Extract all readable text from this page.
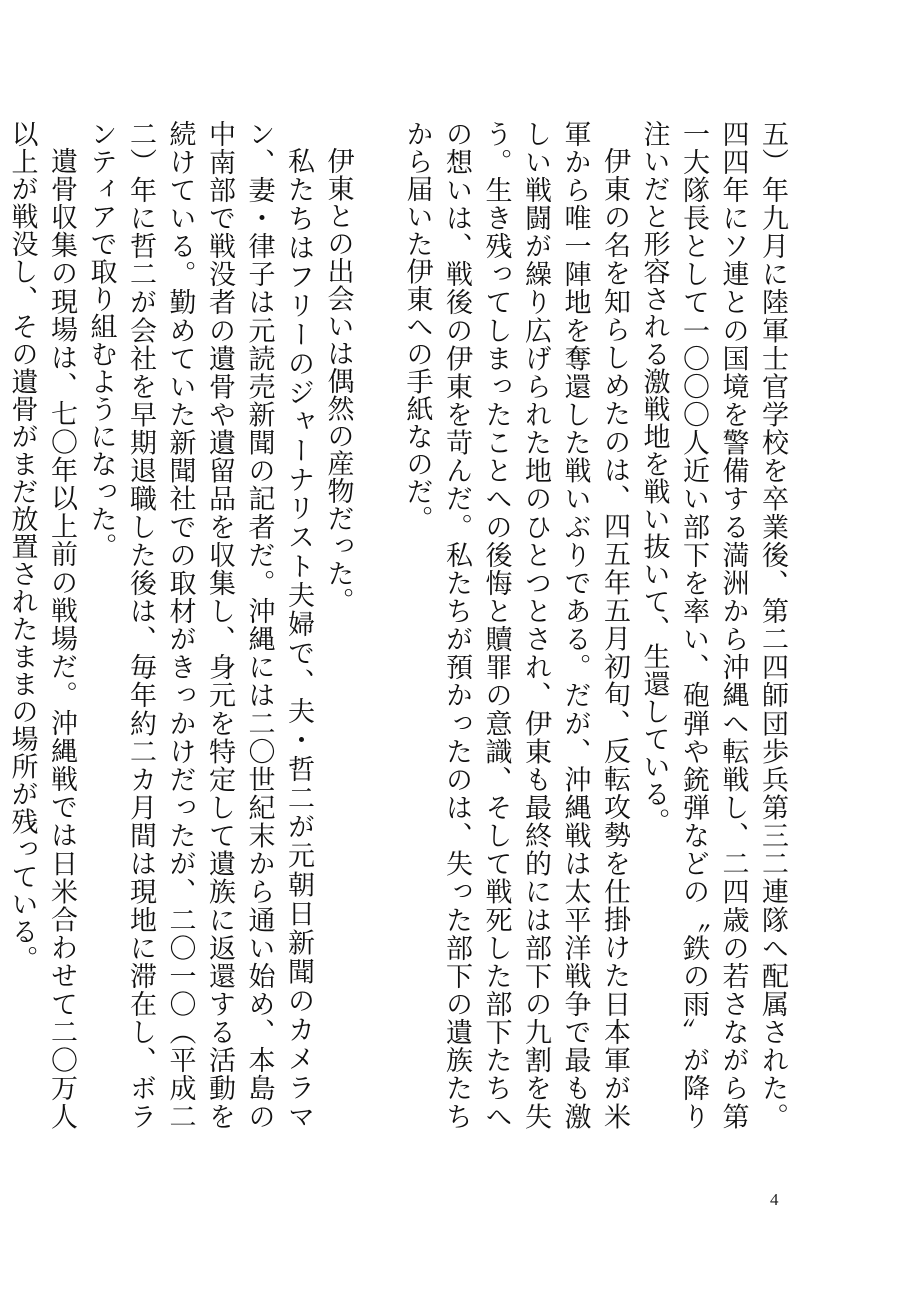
五）年九月に陸軍士官学校を卒業後、第二四師団歩兵第三二連隊へ配属された。四四年にソ連との国境を警備する満洲から沖縄へ転戦し、二四歳の若さながら第一大隊長として一〇〇〇人近い部下を率い、砲弾や銃弾などの〝鉄の雨〟が降り注いだと形容される激戦地を戦い抜いて、生還している。

伊東の名を知らしめたのは、四五年五月初旬、反転攻勢を仕掛けた日本軍が米軍から唯一陣地を奪還した戦いぶりである。だが、沖縄戦は太平洋戦争で最も激しい戦闘が繰り広げられた地のひとつとされ、伊東も最終的には部下の九割を失う。生き残ってしまったことへの後悔と贖罪の意識、そして戦死した部下たちへの想いは、戦後の伊東を苛んだ。私たちが預かったのは、失った部下の遺族たちから届いた伊東への手紙なのだ。

伊東との出会いは偶然の産物だった。

私たちはフリーのジャーナリスト夫婦で、夫・哲二が元朝日新聞のカメラマン、妻・律子は元読売新聞の記者だ。沖縄には二〇世紀末から通い始め、本島の中南部で戦没者の遺骨や遺留品を収集し、身元を特定して遺族に返還する活動を続けている。勤めていた新聞社での取材がきっかけだったが、二〇一〇（平成二二）年に哲二が会社を早期退職した後は、毎年約二カ月間は現地に滞在し、ボランティアで取り組むようになった。

遺骨収集の現場は、七〇年以上前の戦場だ。沖縄戦では日米合わせて二〇万人以上が戦没し、その遺骨がまだ放置されたままの場所が残っている。

4
